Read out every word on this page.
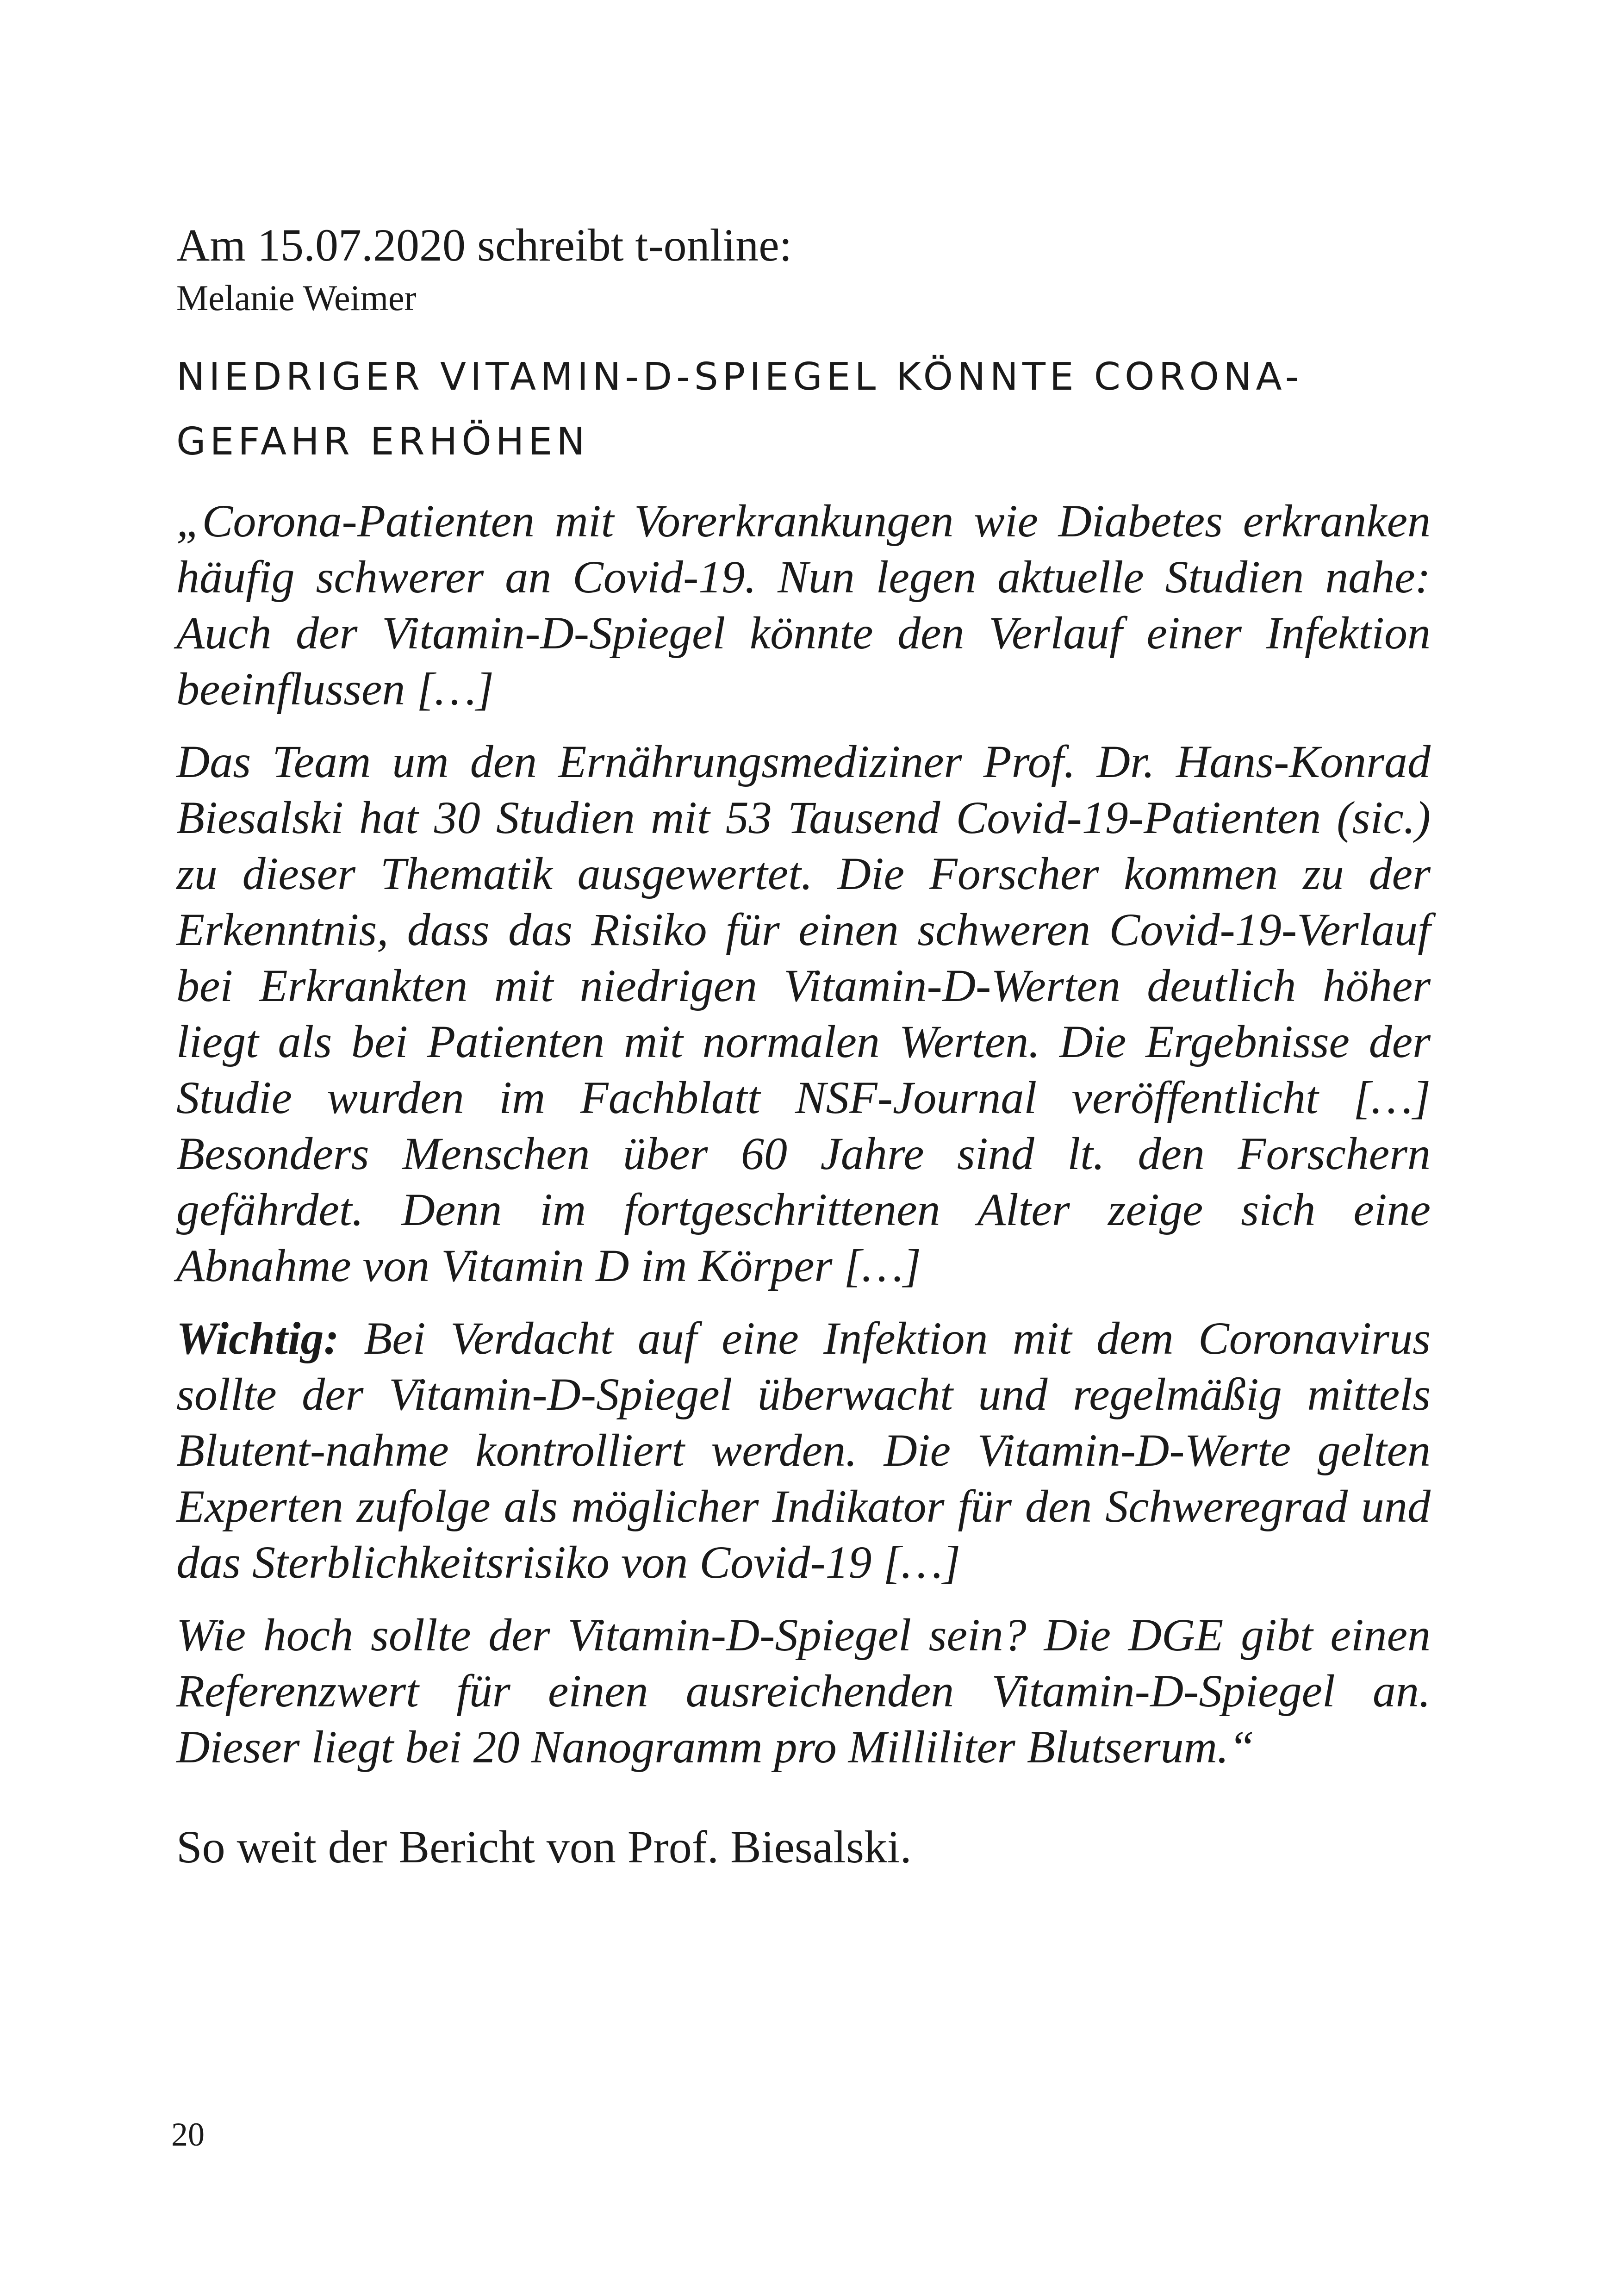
Am 15.07.2020 schreibt t-online:
Melanie Weimer
NIEDRIGER VITAMIN-D-SPIEGEL KÖNNTE CORONA-
GEFAHR ERHÖHEN

„Corona-Patienten mit Vorerkrankungen wie Diabetes erkranken häufig schwerer an Covid-19. Nun legen aktuelle Studien nahe: Auch der Vitamin-D-Spiegel könnte den Verlauf einer Infektion beeinflussen […]

Das Team um den Ernährungsmediziner Prof. Dr. Hans-Konrad Biesalski hat 30 Studien mit 53 Tausend Covid-19-Patienten (sic.) zu dieser Thematik ausgewertet. Die Forscher kommen zu der Erkenntnis, dass das Risiko für einen schweren Covid-19-Verlauf bei Erkrankten mit niedrigen Vitamin-D-Werten deutlich höher liegt als bei Patienten mit normalen Werten. Die Ergebnisse der Studie wurden im Fachblatt NSF-Journal veröffentlicht […] Besonders Menschen über 60 Jahre sind lt. den Forschern gefährdet. Denn im fortgeschrittenen Alter zeige sich eine Abnahme von Vitamin D im Körper […]

Wichtig: Bei Verdacht auf eine Infektion mit dem Coronavirus sollte der Vitamin-D-Spiegel überwacht und regelmäßig mittels Blutent-nahme kontrolliert werden. Die Vitamin-D-Werte gelten Experten zufolge als möglicher Indikator für den Schweregrad und das Sterblichkeitsrisiko von Covid-19 […]

Wie hoch sollte der Vitamin-D-Spiegel sein? Die DGE gibt einen Referenzwert für einen ausreichenden Vitamin-D-Spiegel an. Dieser liegt bei 20 Nanogramm pro Milliliter Blutserum.“

So weit der Bericht von Prof. Biesalski.
20
